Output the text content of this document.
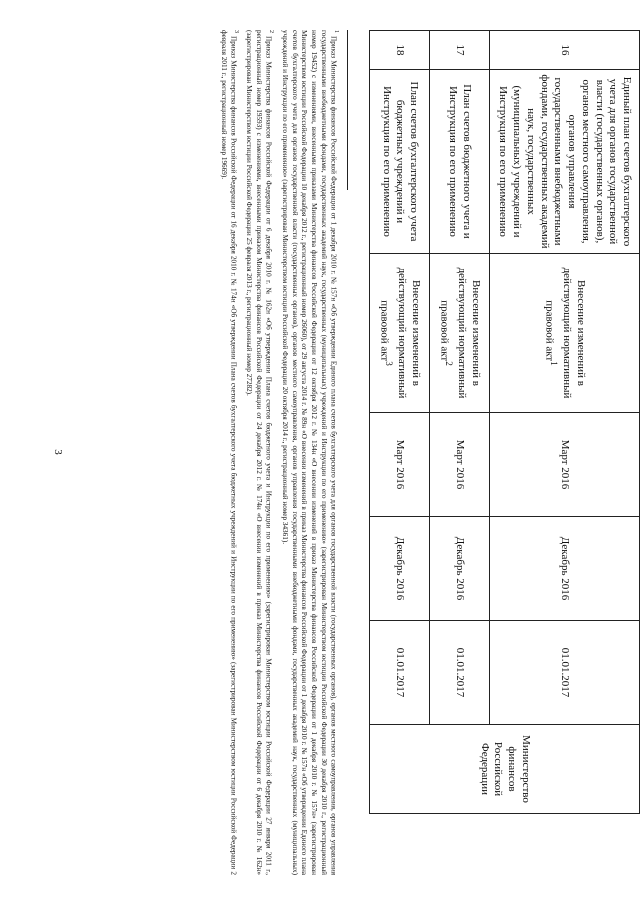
3
16	Единый план счетов бухгалтерского учета для органов государственной власти (государственных органов), органов местного самоуправления, органов управления государственными внебюджетными фондами, государственных академий наук, государственных (муниципальных) учреждений и Инструкция по его применению	Внесение изменений в действующий нормативный правовой акт$^1$	Март 2016	Декабрь 2016	01.01.2017	Министерство финансов Российской Федерации
17	План счетов бюджетного учета и Инструкция по его применению	Внесение изменений в действующий нормативный правовой акт$^2$	Март 2016	Декабрь 2016	01.01.2017	
18	План счетов бухгалтерского учета бюджетных учреждений и Инструкция по его применению	Внесение изменений в действующий нормативный правовой акт$^3$	Март 2016	Декабрь 2016	01.01.2017	

$^1$Приказ Министерства финансов Российской Федерации от 1 декабря 2010 г. № 157н «Об утверждении Единого плана счетов бухгалтерского учета для органов государственной власти (государственных органов), органов местного самоуправления, органов управления государственными внебюджетными фондами, государственных академий наук, государственных (муниципальных) учреждений и Инструкции по его применению» (зарегистрирован Министерством юстиции Российской Федерации 30 декабря 2010 г., регистрационный номер 19452) с изменениями, внесенными приказами Министерства финансов Российской Федерации от 12 октября 2012 г. № 134н «О внесении изменений в приказ Министерства финансов Российской Федерации от 1 декабря 2010 г. № 157н» (зарегистрирован Министерством юстиции Российской Федерации 10 декабря 2012 г., регистрационный номер 26060), от 29 августа 2014 г. № 89н «О внесении изменений в приказ Министерства финансов Российской Федерации от 1 декабря 2010 г. № 157н «Об утверждении Единого плана счетов бухгалтерского учета для органов государственной власти (государственных органов), органов местного самоуправления, органов управления государственными внебюджетными фондами, государственных академий наук, государственных (муниципальных) учреждений и Инструкции по его применению» (зарегистрирован Министерством юстиции Российской Федерации 20 октября 2014 г., регистрационный номер 34361).

$^2$Приказ Министерства финансов Российской Федерации от 6 декабря 2010 г. № 162н «Об утверждении Плана счетов бюджетного учета и Инструкции по его применению» (зарегистрирован Министерством юстиции Российской Федерации 27 января 2011 г., регистрационный номер 19593) с изменениями, внесенными приказом Министерства финансов Российской Федерации от 24 декабря 2012 г. № 174н «О внесении изменений в приказ Министерства финансов Российской Федерации от 6 декабря 2010 г. № 162н» (зарегистрирован Министерством юстиции Российской Федерации 25 февраля 2013 г., регистрационный номер 27282).

$^3$Приказ Министерства финансов Российской Федерации от 16 декабря 2010 г. № 174н «Об утверждении Плана счетов бухгалтерского учета бюджетных учреждений и Инструкции по его применению» (зарегистрирован Министерством юстиции Российской Федерации 2 февраля 2011 г., регистрационный номер 19669).
